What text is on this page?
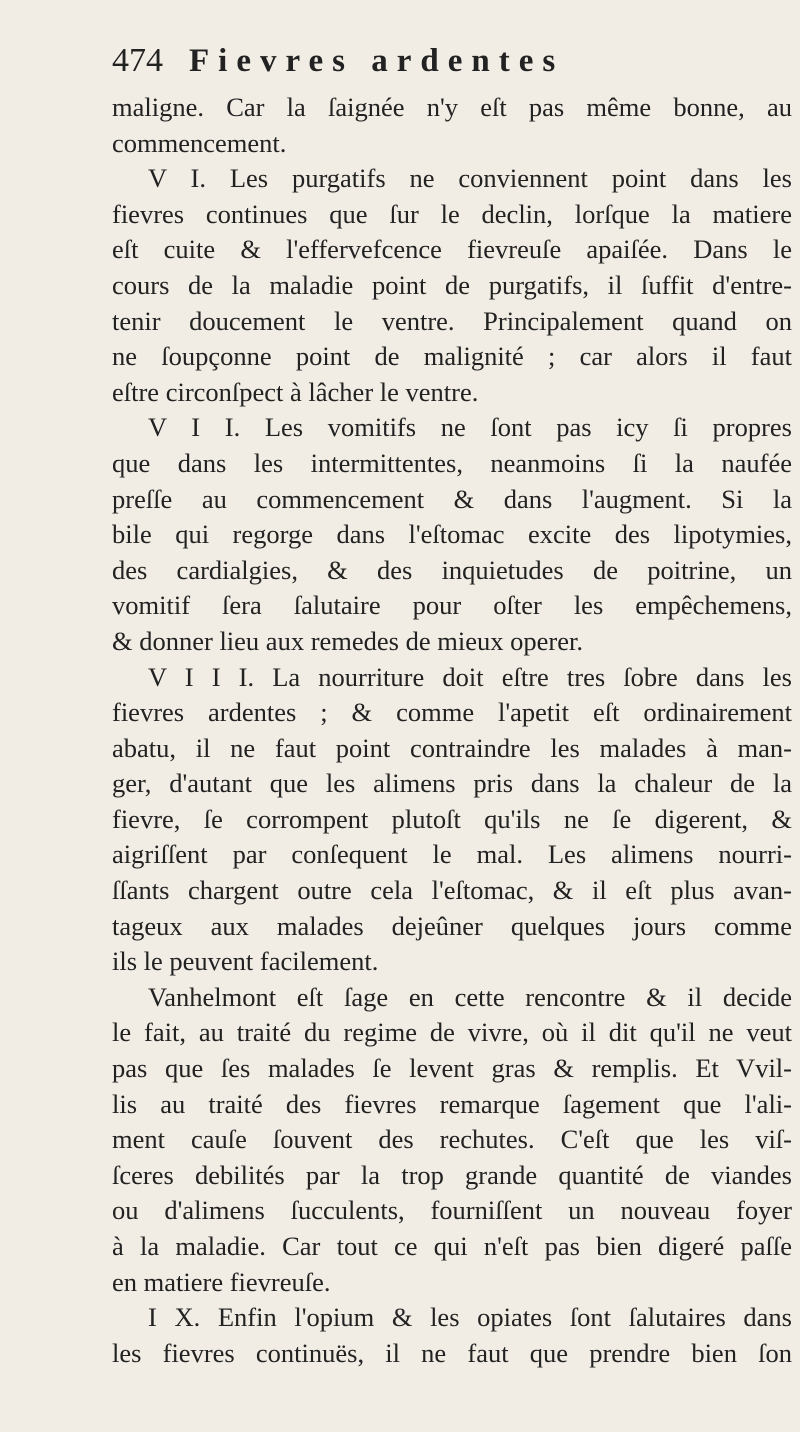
474 Fievres ardentes
maligne. Car la ſaignée n'y eſt pas même bonne, au
commencement.
V I. Les purgatifs ne conviennent point dans les
fievres continues que ſur le declin, lorſque la matiere
eſt cuite & l'effervefcence fievreuſe apaiſée. Dans le
cours de la maladie point de purgatifs, il ſuffit d'entre-
tenir doucement le ventre. Principalement quand on
ne ſoupçonne point de malignité ; car alors il faut
eſtre circonſpect à lâcher le ventre.
V I I. Les vomitifs ne ſont pas icy ſi propres
que dans les intermittentes, neanmoins ſi la naufée
preſſe au commencement & dans l'augment. Si la
bile qui regorge dans l'eſtomac excite des lipotymies,
des cardialgies, & des inquietudes de poitrine, un
vomitif ſera ſalutaire pour oſter les empêchemens,
& donner lieu aux remedes de mieux operer.
V I I I. La nourriture doit eſtre tres ſobre dans les
fievres ardentes ; & comme l'apetit eſt ordinairement
abatu, il ne faut point contraindre les malades à man-
ger, d'autant que les alimens pris dans la chaleur de la
fievre, ſe corrompent plutoſt qu'ils ne ſe digerent, &
aigriſſent par conſequent le mal. Les alimens nourri-
ſſants chargent outre cela l'eſtomac, & il eſt plus avan-
tageux aux malades dejeûner quelques jours comme
ils le peuvent facilement.
Vanhelmont eſt ſage en cette rencontre & il decide
le fait, au traité du regime de vivre, où il dit qu'il ne veut
pas que ſes malades ſe levent gras & remplis. Et Vvil-
lis au traité des fievres remarque ſagement que l'ali-
ment cauſe ſouvent des rechutes. C'eſt que les viſ-
ſceres debilités par la trop grande quantité de viandes
ou d'alimens ſucculents, fourniſſent un nouveau foyer
à la maladie. Car tout ce qui n'eſt pas bien digeré paſſe
en matiere fievreuſe.
I X. Enfin l'opium & les opiates ſont ſalutaires dans
les fievres continuës, il ne faut que prendre bien ſon
